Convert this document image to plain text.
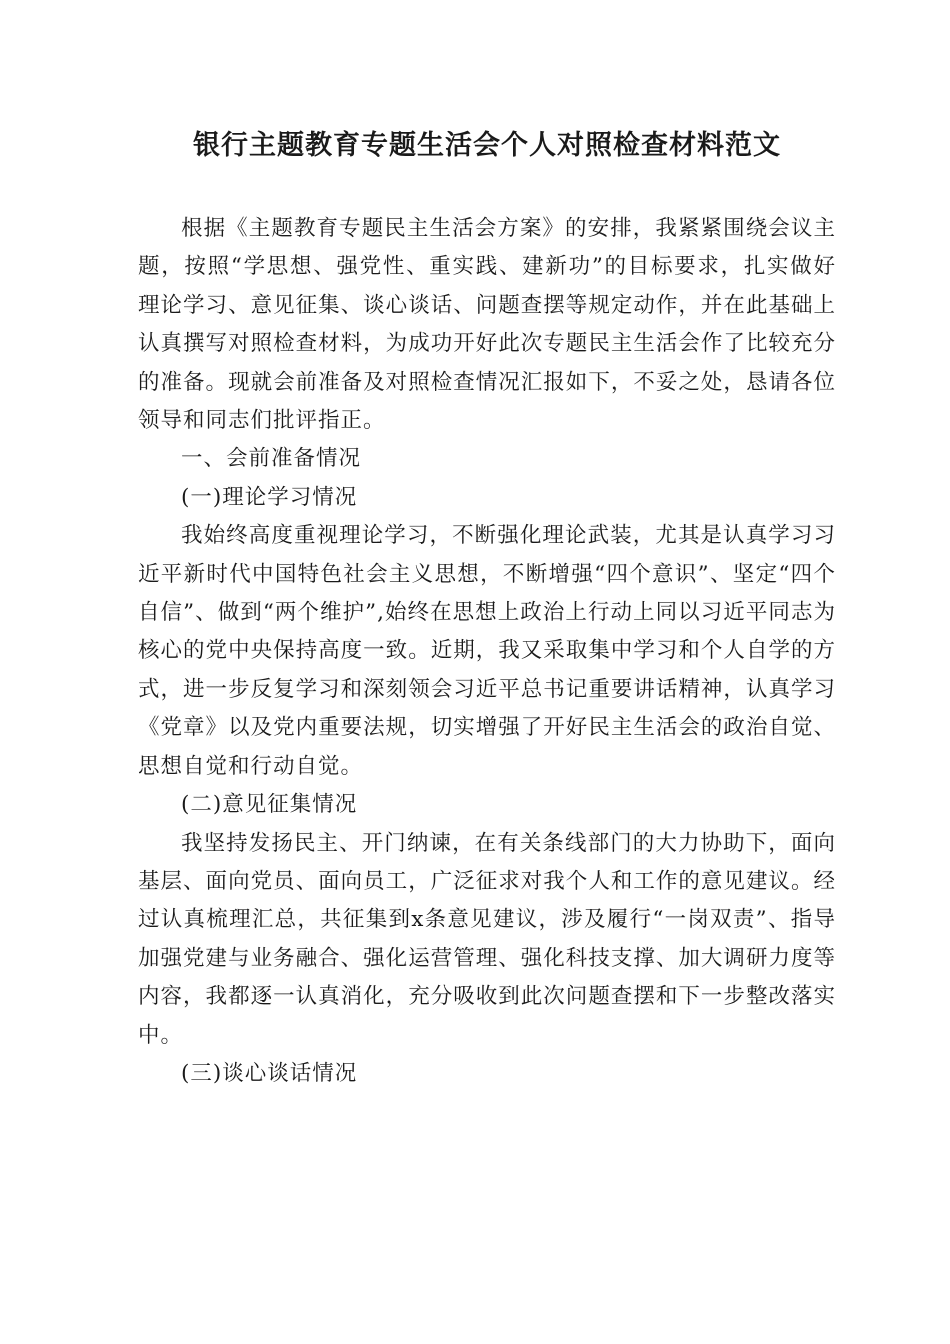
银行主题教育专题生活会个人对照检查材料范文

根据《主题教育专题民主生活会方案》的安排，我紧紧围绕会议主题，按照“学思想、强党性、重实践、建新功”的目标要求，扎实做好理论学习、意见征集、谈心谈话、问题查摆等规定动作，并在此基础上认真撰写对照检查材料，为成功开好此次专题民主生活会作了比较充分的准备。现就会前准备及对照检查情况汇报如下，不妥之处，恳请各位领导和同志们批评指正。

一、会前准备情况

(一)理论学习情况

我始终高度重视理论学习，不断强化理论武装，尤其是认真学习习近平新时代中国特色社会主义思想，不断增强“四个意识”、坚定“四个自信”、做到“两个维护”,始终在思想上政治上行动上同以习近平同志为核心的党中央保持高度一致。近期，我又采取集中学习和个人自学的方式，进一步反复学习和深刻领会习近平总书记重要讲话精神，认真学习《党章》以及党内重要法规，切实增强了开好民主生活会的政治自觉、思想自觉和行动自觉。

(二)意见征集情况

我坚持发扬民主、开门纳谏，在有关条线部门的大力协助下，面向基层、面向党员、面向员工，广泛征求对我个人和工作的意见建议。经过认真梳理汇总，共征集到x条意见建议，涉及履行“一岗双责”、指导加强党建与业务融合、强化运营管理、强化科技支撑、加大调研力度等内容，我都逐一认真消化，充分吸收到此次问题查摆和下一步整改落实中。

(三)谈心谈话情况
